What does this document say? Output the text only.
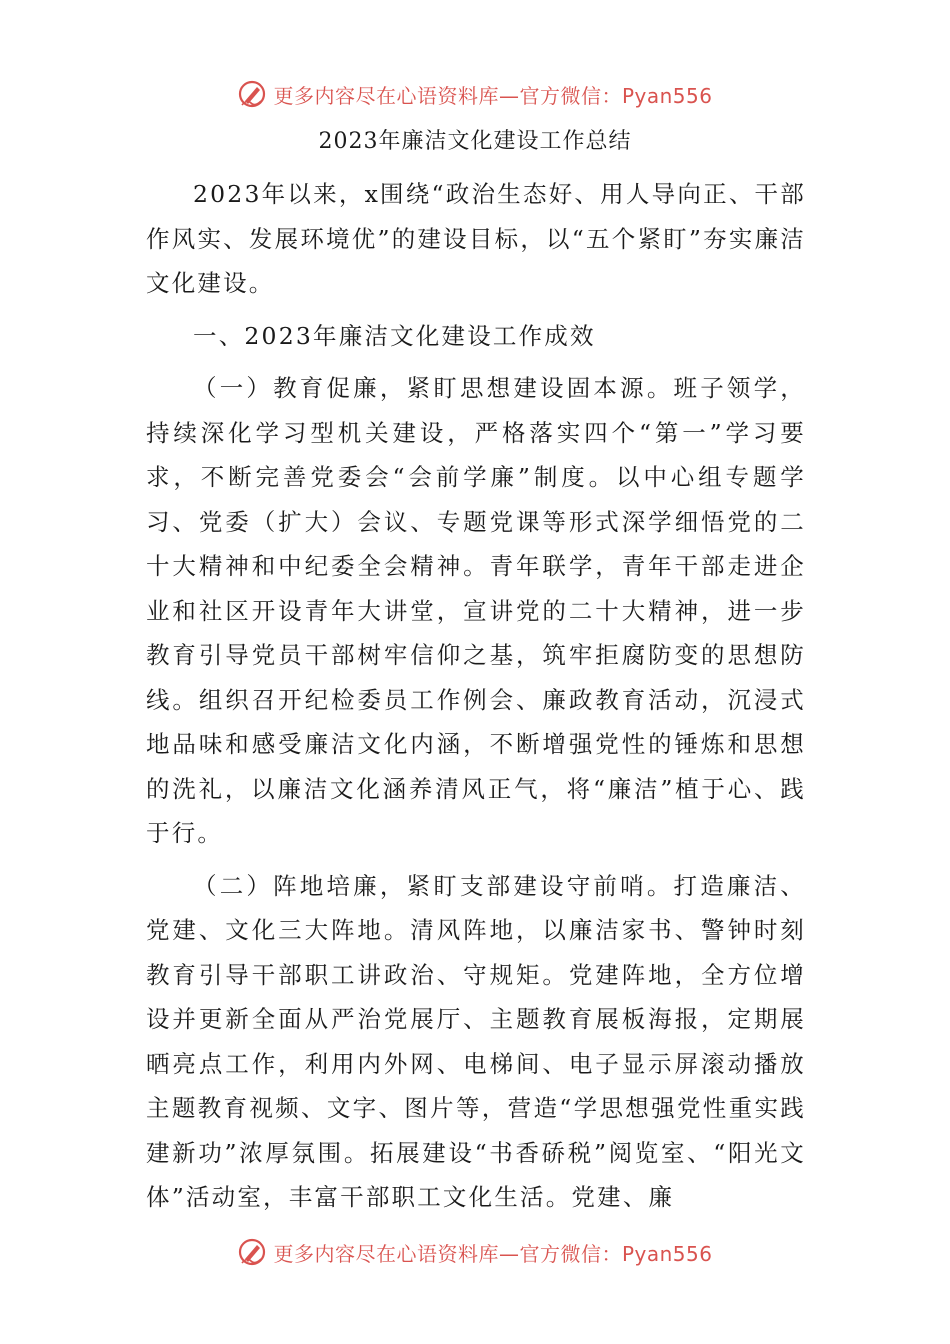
更多内容尽在心语资料库—官方微信：Pyan556
2023年廉洁文化建设工作总结

2023年以来，x围绕“政治生态好、用人导向正、干部作风实、发展环境优”的建设目标，以“五个紧盯”夯实廉洁文化建设。

一、2023年廉洁文化建设工作成效

（一）教育促廉，紧盯思想建设固本源。班子领学，持续深化学习型机关建设，严格落实四个“第一”学习要求，不断完善党委会“会前学廉”制度。以中心组专题学习、党委（扩大）会议、专题党课等形式深学细悟党的二十大精神和中纪委全会精神。青年联学，青年干部走进企业和社区开设青年大讲堂，宣讲党的二十大精神，进一步教育引导党员干部树牢信仰之基，筑牢拒腐防变的思想防线。组织召开纪检委员工作例会、廉政教育活动，沉浸式地品味和感受廉洁文化内涵，不断增强党性的锤炼和思想的洗礼，以廉洁文化涵养清风正气，将“廉洁”植于心、践于行。

（二）阵地培廉，紧盯支部建设守前哨。打造廉洁、党建、文化三大阵地。清风阵地，以廉洁家书、警钟时刻教育引导干部职工讲政治、守规矩。党建阵地，全方位增设并更新全面从严治党展厅、主题教育展板海报，定期展晒亮点工作，利用内外网、电梯间、电子显示屏滚动播放主题教育视频、文字、图片等，营造“学思想强党性重实践建新功”浓厚氛围。拓展建设“书香硚税”阅览室、“阳光文体”活动室，丰富干部职工文化生活。党建、廉

更多内容尽在心语资料库—官方微信：Pyan556
